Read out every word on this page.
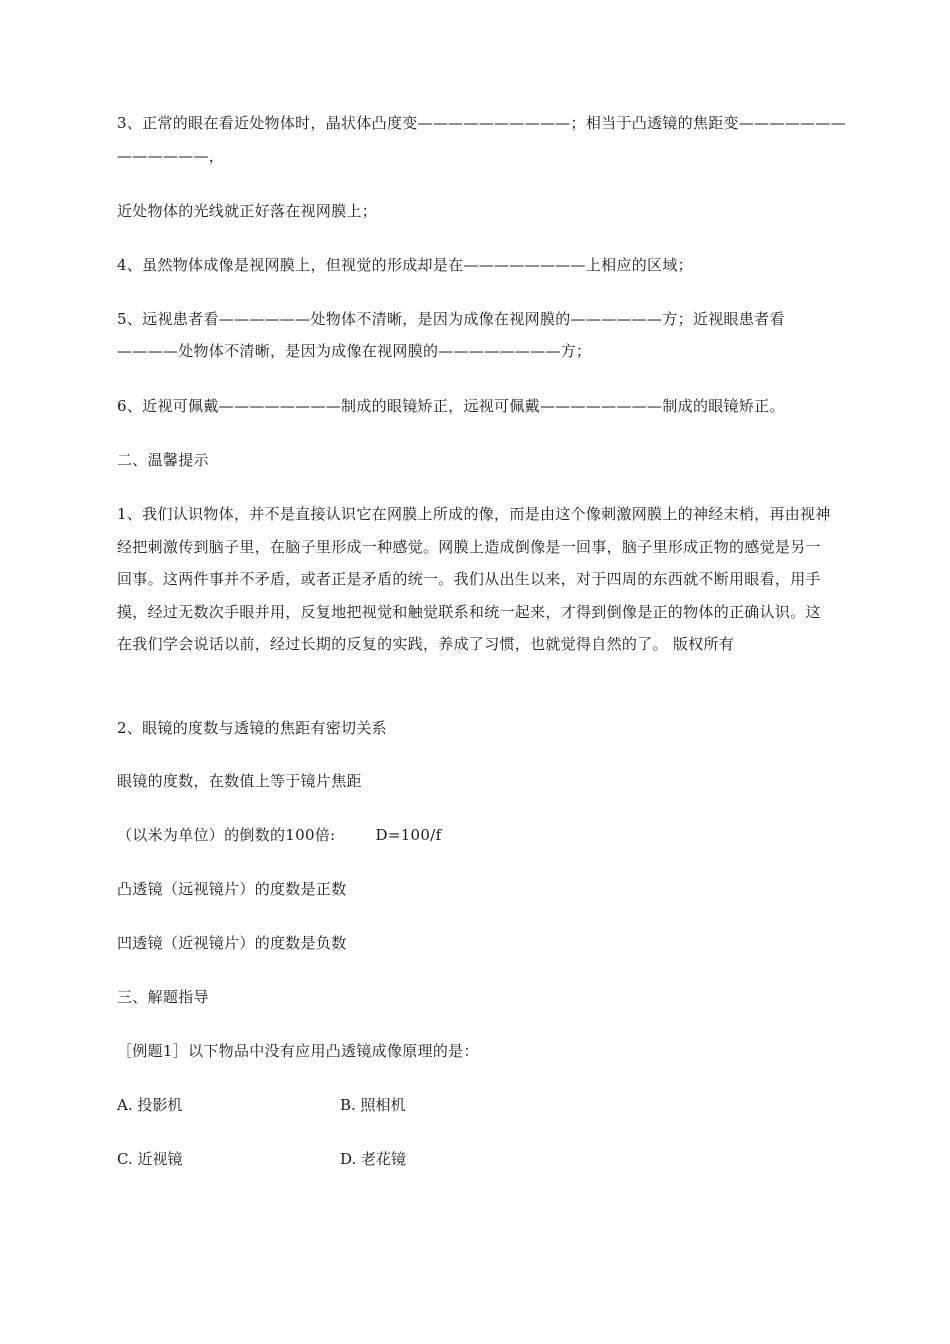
3、正常的眼在看近处物体时，晶状体凸度变——————————；相当于凸透镜的焦距变———————
——————，
近处物体的光线就正好落在视网膜上；
4、虽然物体成像是视网膜上，但视觉的形成却是在————————上相应的区域；
5、远视患者看——————处物体不清晰，是因为成像在视网膜的——————方；近视眼患者看————处物体不清晰，是因为成像在视网膜的————————方；
6、近视可佩戴————————制成的眼镜矫正，远视可佩戴————————制成的眼镜矫正。
二、温馨提示
1、我们认识物体，并不是直接认识它在网膜上所成的像，而是由这个像刺激网膜上的神经末梢，再由视神经把刺激传到脑子里，在脑子里形成一种感觉。网膜上造成倒像是一回事，脑子里形成正物的感觉是另一回事。这两件事并不矛盾，或者正是矛盾的统一。我们从出生以来，对于四周的东西就不断用眼看，用手摸，经过无数次手眼并用，反复地把视觉和触觉联系和统一起来，才得到倒像是正的物体的正确认识。这在我们学会说话以前，经过长期的反复的实践，养成了习惯，也就觉得自然的了。 版权所有
2、眼镜的度数与透镜的焦距有密切关系
眼镜的度数，在数值上等于镜片焦距
（以米为单位）的倒数的100倍:	D=100/f
凸透镜（远视镜片）的度数是正数
凹透镜（近视镜片）的度数是负数
三、解题指导
［例题1］以下物品中没有应用凸透镜成像原理的是：
A. 投影机	B. 照相机
C. 近视镜	D. 老花镜
